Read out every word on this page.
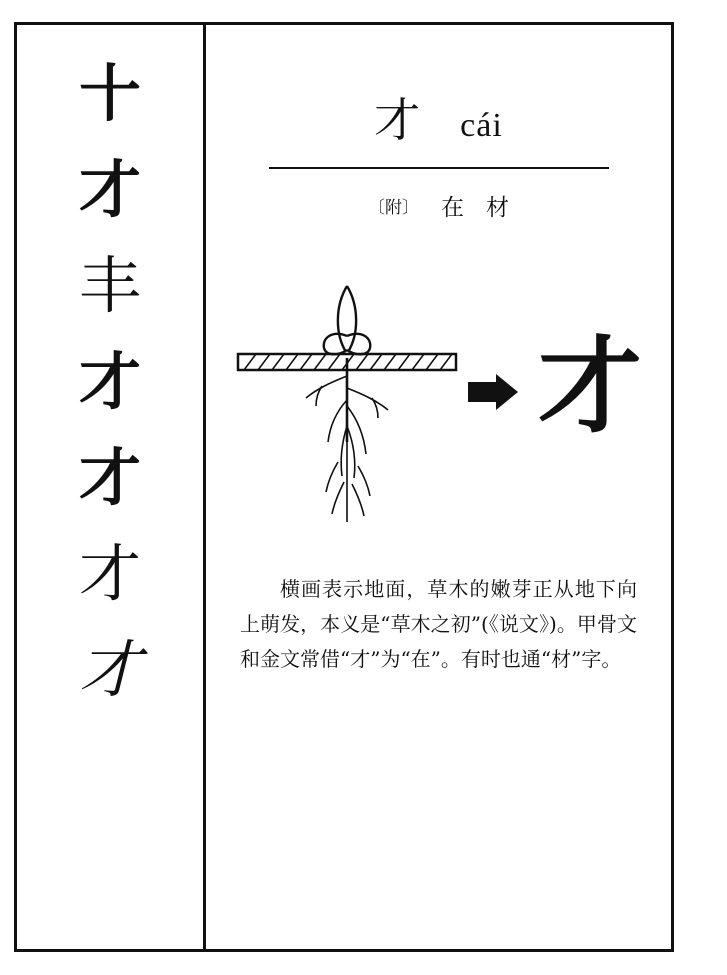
十
才
丰
才
才
才
才
才 cái
〔附〕 在 材
才
横画表示地面，草木的嫩芽正从地下向上萌发，本义是“草木之初”(《说文》)。甲骨文和金文常借“才”为“在”。有时也通“材”字。
